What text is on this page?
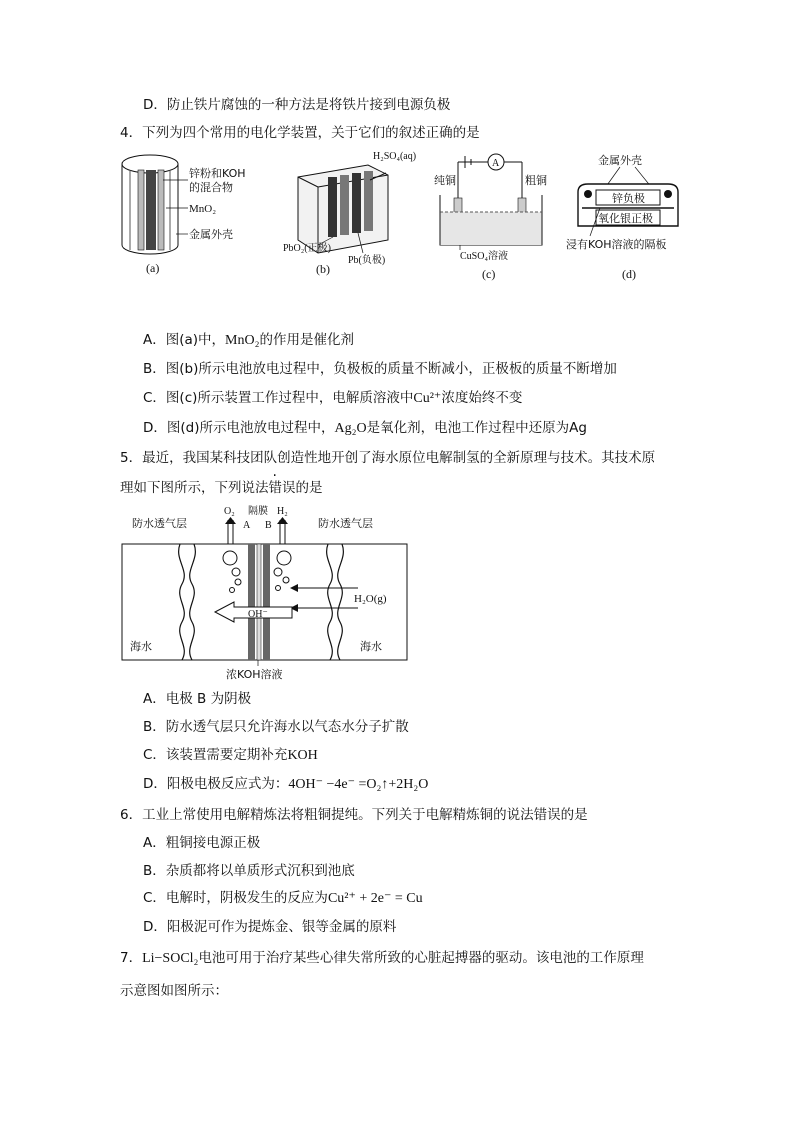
D．防止铁片腐蚀的一种方法是将铁片接到电源负极
4．下列为四个常用的电化学装置，关于它们的叙述正确的是
锌粉和KOH
的混合物
MnO₂
金属外壳
(a)
H₂SO₄(aq)
PbO₂(正极)
Pb(负极)
(b)
A
纯铜	粗铜
CuSO₄溶液
(c)
金属外壳
锌负极
氧化银正极
浸有KOH溶液的隔板
(d)
A．图(a)中，MnO₂的作用是催化剂
B．图(b)所示电池放电过程中，负极板的质量不断减小，正极板的质量不断增加
C．图(c)所示装置工作过程中，电解质溶液中Cu²⁺浓度始终不变
D．图(d)所示电池放电过程中，Ag₂O是氧化剂，电池工作过程中还原为Ag
5．最近，我国某科技团队创造性地开创了海水原位电解制氢的全新原理与技术。其技术原
理如下图所示，下列说法错误的是
防水透气层	防水透气层
O₂ 隔膜 H₂
A B
H₂O(g)
OH⁻
海水	海水
浓KOH溶液
A．电极 B 为阴极
B．防水透气层只允许海水以气态水分子扩散
C．该装置需要定期补充KOH
D．阳极电极反应式为：4OH⁻ −4e⁻ =O₂↑+2H₂O
6．工业上常使用电解精炼法将粗铜提纯。下列关于电解精炼铜的说法错误的是
A．粗铜接电源正极
B．杂质都将以单质形式沉积到池底
C．电解时，阴极发生的反应为Cu²⁺ + 2e⁻ = Cu
D．阳极泥可作为提炼金、银等金属的原料
7．Li−SOCl₂电池可用于治疗某些心律失常所致的心脏起搏器的驱动。该电池的工作原理
示意图如图所示：
